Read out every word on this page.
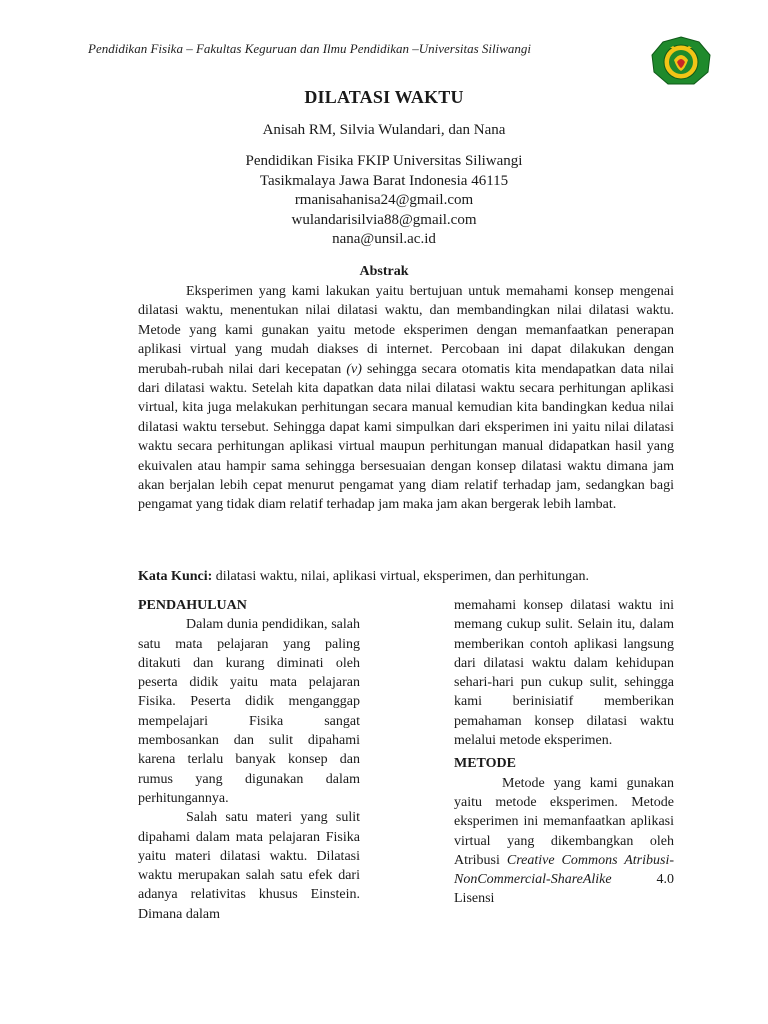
Pendidikan Fisika – Fakultas Keguruan dan Ilmu Pendidikan –Universitas Siliwangi
DILATASI WAKTU
Anisah RM, Silvia Wulandari, dan Nana
Pendidikan Fisika FKIP Universitas Siliwangi
Tasikmalaya Jawa Barat Indonesia 46115
rmanisahanisa24@gmail.com
wulandarisilvia88@gmail.com
nana@unsil.ac.id
Abstrak

Eksperimen yang kami lakukan yaitu bertujuan untuk memahami konsep mengenai dilatasi waktu, menentukan nilai dilatasi waktu, dan membandingkan nilai dilatasi waktu. Metode yang kami gunakan yaitu metode eksperimen dengan memanfaatkan penerapan aplikasi virtual yang mudah diakses di internet. Percobaan ini dapat dilakukan dengan merubah-rubah nilai dari kecepatan (v) sehingga secara otomatis kita mendapatkan data nilai dari dilatasi waktu. Setelah kita dapatkan data nilai dilatasi waktu secara perhitungan aplikasi virtual, kita juga melakukan perhitungan secara manual kemudian kita bandingkan kedua nilai dilatasi waktu tersebut. Sehingga dapat kami simpulkan dari eksperimen ini yaitu nilai dilatasi waktu secara perhitungan aplikasi virtual maupun perhitungan manual didapatkan hasil yang ekuivalen atau hampir sama sehingga bersesuaian dengan konsep dilatasi waktu dimana jam akan berjalan lebih cepat menurut pengamat yang diam relatif terhadap jam, sedangkan bagi pengamat yang tidak diam relatif terhadap jam maka jam akan bergerak lebih lambat.

Kata Kunci: dilatasi waktu, nilai, aplikasi virtual, eksperimen, dan perhitungan.
PENDAHULUAN

Dalam dunia pendidikan, salah satu mata pelajaran yang paling ditakuti dan kurang diminati oleh peserta didik yaitu mata pelajaran Fisika. Peserta didik menganggap mempelajari Fisika sangat membosankan dan sulit dipahami karena terlalu banyak konsep dan rumus yang digunakan dalam perhitungannya.

Salah satu materi yang sulit dipahami dalam mata pelajaran Fisika yaitu materi dilatasi waktu. Dilatasi waktu merupakan salah satu efek dari adanya relativitas khusus Einstein. Dimana dalam

memahami konsep dilatasi waktu ini memang cukup sulit. Selain itu, dalam memberikan contoh aplikasi langsung dari dilatasi waktu dalam kehidupan sehari-hari pun cukup sulit, sehingga kami berinisiatif memberikan pemahaman konsep dilatasi waktu melalui metode eksperimen.

METODE

Metode yang kami gunakan yaitu metode eksperimen. Metode eksperimen ini memanfaatkan aplikasi virtual yang dikembangkan oleh Atribusi Creative Commons Atribusi-NonCommercial-ShareAlike	4.0 Lisensi
